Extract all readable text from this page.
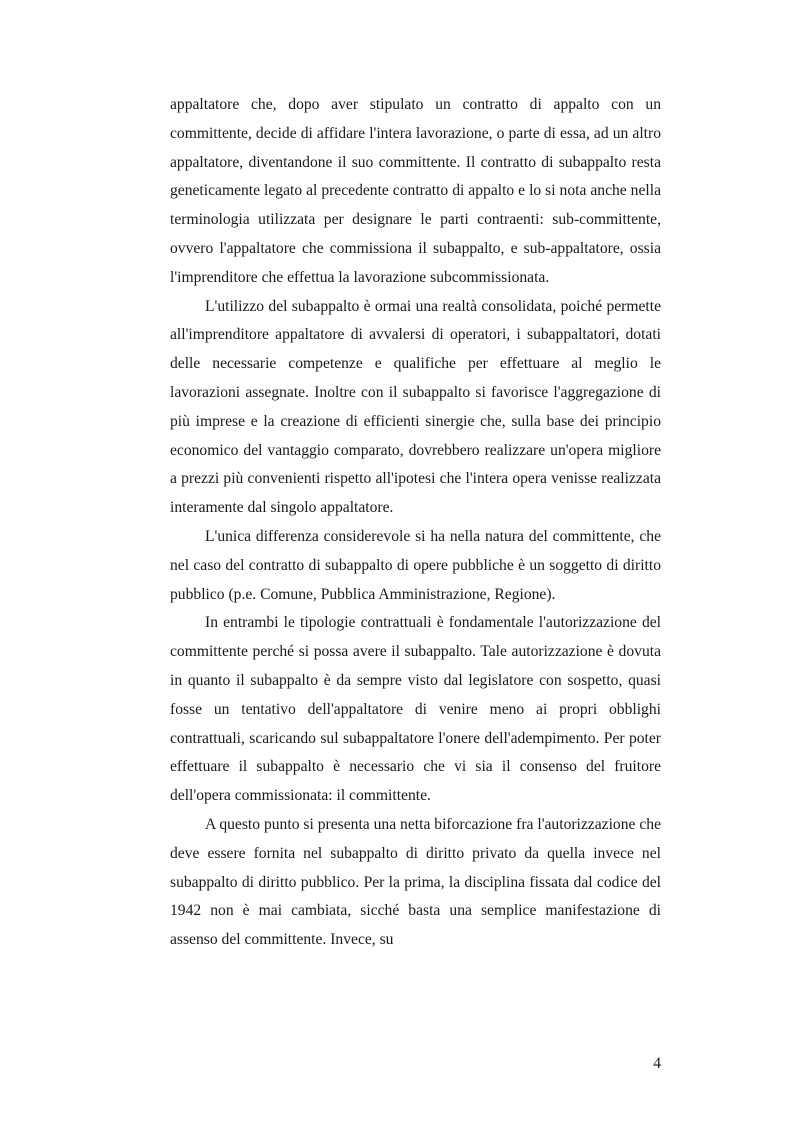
appaltatore che, dopo aver stipulato un contratto di appalto con un committente, decide di affidare l'intera lavorazione, o parte di essa, ad un altro appaltatore, diventandone il suo committente. Il contratto di subappalto resta geneticamente legato al precedente contratto di appalto e lo si nota anche nella terminologia utilizzata per designare le parti contraenti: sub-committente, ovvero l'appaltatore che commissiona il subappalto, e sub-appaltatore, ossia l'imprenditore che effettua la lavorazione subcommissionata.

L'utilizzo del subappalto è ormai una realtà consolidata, poiché permette all'imprenditore appaltatore di avvalersi di operatori, i subappaltatori, dotati delle necessarie competenze e qualifiche per effettuare al meglio le lavorazioni assegnate. Inoltre con il subappalto si favorisce l'aggregazione di più imprese e la creazione di efficienti sinergie che, sulla base dei principio economico del vantaggio comparato, dovrebbero realizzare un'opera migliore a prezzi più convenienti rispetto all'ipotesi che l'intera opera venisse realizzata interamente dal singolo appaltatore.

L'unica differenza considerevole si ha nella natura del committente, che nel caso del contratto di subappalto di opere pubbliche è un soggetto di diritto pubblico (p.e. Comune, Pubblica Amministrazione, Regione).

In entrambi le tipologie contrattuali è fondamentale l'autorizzazione del committente perché si possa avere il subappalto. Tale autorizzazione è dovuta in quanto il subappalto è da sempre visto dal legislatore con sospetto, quasi fosse un tentativo dell'appaltatore di venire meno ai propri obblighi contrattuali, scaricando sul subappaltatore l'onere dell'adempimento. Per poter effettuare il subappalto è necessario che vi sia il consenso del fruitore dell'opera commissionata: il committente.

A questo punto si presenta una netta biforcazione fra l'autorizzazione che deve essere fornita nel subappalto di diritto privato da quella invece nel subappalto di diritto pubblico. Per la prima, la disciplina fissata dal codice del 1942 non è mai cambiata, sicché basta una semplice manifestazione di assenso del committente. Invece, su

4
